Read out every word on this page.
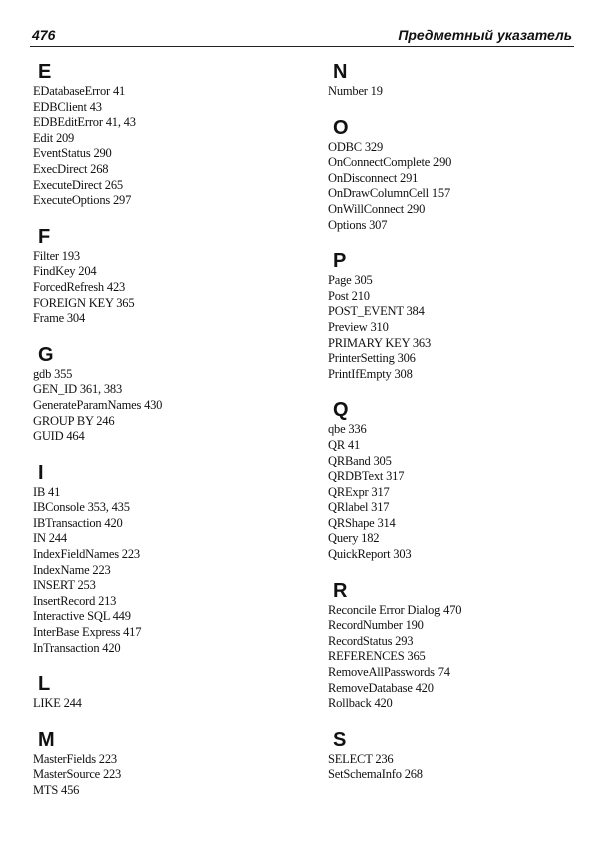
476	Предметный указатель
E
EDatabaseError 41
EDBClient 43
EDBEditError 41, 43
Edit 209
EventStatus 290
ExecDirect 268
ExecuteDirect 265
ExecuteOptions 297
F
Filter 193
FindKey 204
ForcedRefresh 423
FOREIGN KEY 365
Frame 304
G
gdb 355
GEN_ID 361, 383
GenerateParamNames 430
GROUP BY 246
GUID 464
I
IB 41
IBConsole 353, 435
IBTransaction 420
IN 244
IndexFieldNames 223
IndexName 223
INSERT 253
InsertRecord 213
Interactive SQL 449
InterBase Express 417
InTransaction 420
L
LIKE 244
M
MasterFields 223
MasterSource 223
MTS 456
N
Number 19
O
ODBC 329
OnConnectComplete 290
OnDisconnect 291
OnDrawColumnCell 157
OnWillConnect 290
Options 307
P
Page 305
Post 210
POST_EVENT 384
Preview 310
PRIMARY KEY 363
PrinterSetting 306
PrintIfEmpty 308
Q
qbe 336
QR 41
QRBand 305
QRDBText 317
QRExpr 317
QRlabel 317
QRShape 314
Query 182
QuickReport 303
R
Reconcile Error Dialog 470
RecordNumber 190
RecordStatus 293
REFERENCES 365
RemoveAllPasswords 74
RemoveDatabase 420
Rollback 420
S
SELECT 236
SetSchemaInfo 268
